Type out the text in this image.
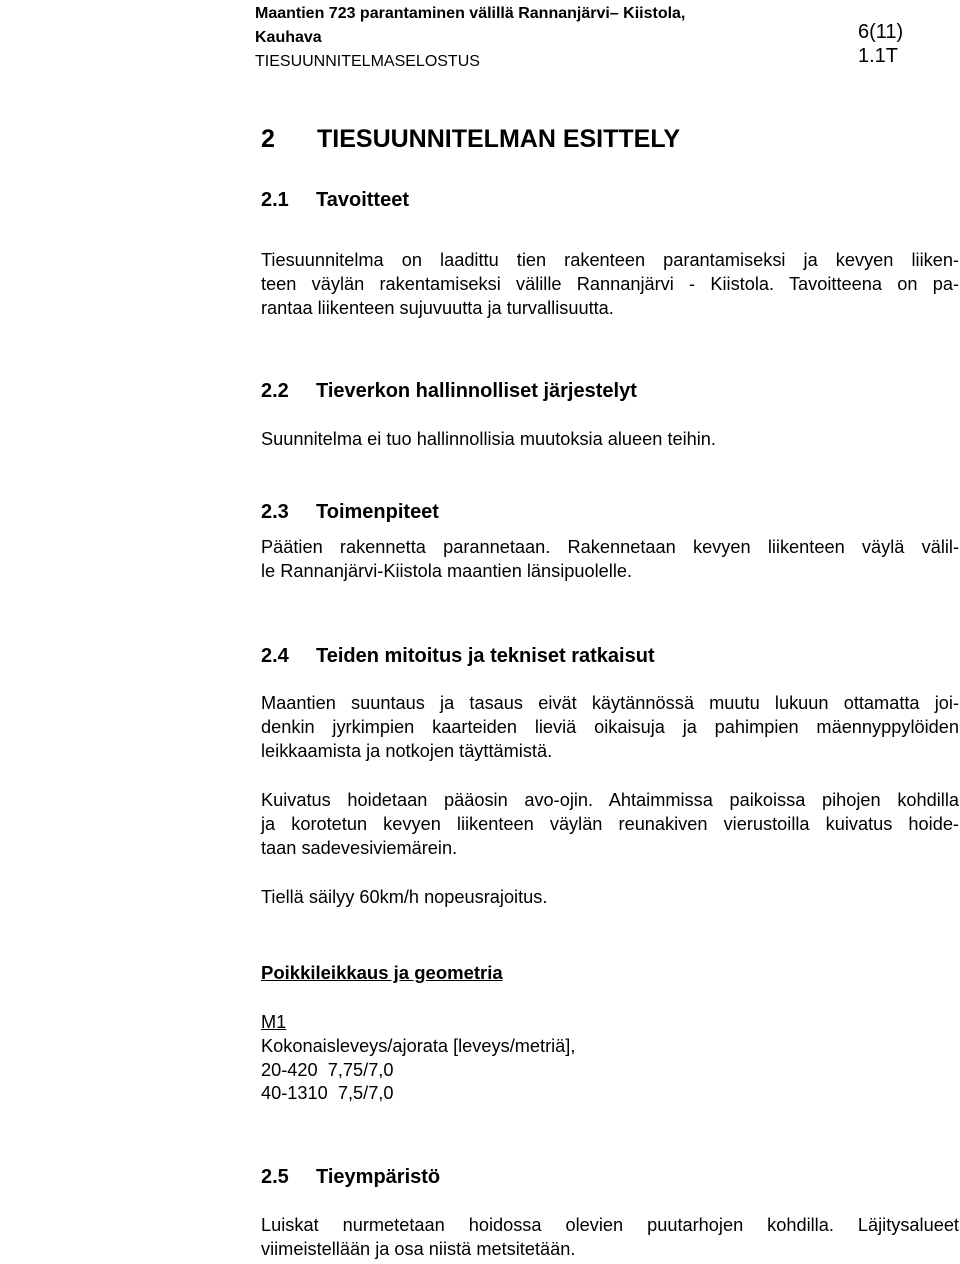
Maantien 723 parantaminen välillä Rannanjärvi– Kiistola,
Kauhava
TIESUUNNITELMASELOSTUS
6(11)
1.1T
2 TIESUUNNITELMAN ESITTELY
2.1 Tavoitteet
Tiesuunnitelma on laadittu tien rakenteen parantamiseksi ja kevyen liiken-
teen väylän rakentamiseksi välille Rannanjärvi - Kiistola. Tavoitteena on pa-
rantaa liikenteen sujuvuutta ja turvallisuutta.
2.2 Tieverkon hallinnolliset järjestelyt
Suunnitelma ei tuo hallinnollisia muutoksia alueen teihin.
2.3 Toimenpiteet
Päätien rakennetta parannetaan. Rakennetaan kevyen liikenteen väylä välil-
le Rannanjärvi-Kiistola maantien länsipuolelle.
2.4 Teiden mitoitus ja tekniset ratkaisut
Maantien suuntaus ja tasaus eivät käytännössä muutu lukuun ottamatta joi-
denkin jyrkimpien kaarteiden lieviä oikaisuja ja pahimpien mäennyppylöiden
leikkaamista ja notkojen täyttämistä.
Kuivatus hoidetaan pääosin avo-ojin. Ahtaimmissa paikoissa pihojen kohdilla
ja korotetun kevyen liikenteen väylän reunakiven vierustoilla kuivatus hoide-
taan sadevesiviemärein.
Tiellä säilyy 60km/h nopeusrajoitus.
Poikkileikkaus ja geometria
M1
Kokonaisleveys/ajorata [leveys/metriä],
20-420  7,75/7,0
40-1310  7,5/7,0
2.5 Tieympäristö
Luiskat nurmetetaan hoidossa olevien puutarhojen kohdilla. Läjitysalueet
viimeistellään ja osa niistä metsitetään.
